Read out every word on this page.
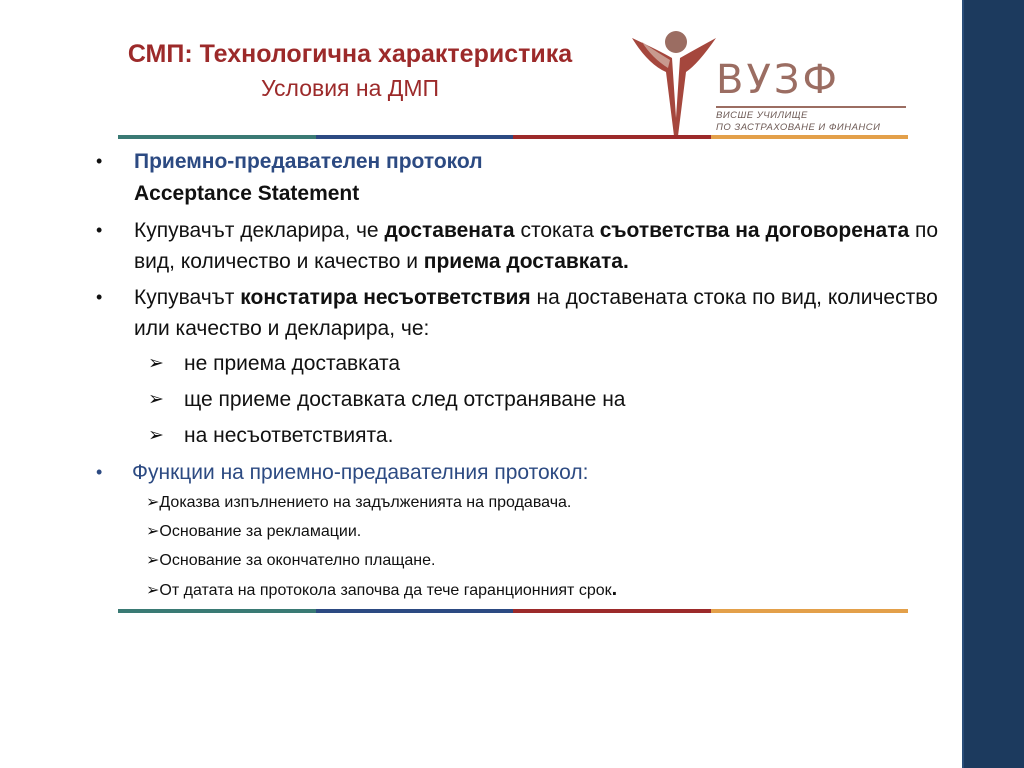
СМП: Технологична характеристика
Условия на ДМП	ВУЗФ
ВИСШЕ УЧИЛИЩЕ
ПО ЗАСТРАХОВАНЕ И ФИНАНСИ
• Приемно-предавателен протокол
Acceptance Statement
• Купувачът декларира, че доставената стоката съответства на договорената по вид, количество и качество и приема доставката.
• Купувачът констатира несъответствия на доставената стока по вид, количество или качество и декларира, че:
➢ не приема доставката
➢ ще приеме доставката след отстраняване на
➢ на несъответствията.
• Функции на приемно-предавателния протокол:
➢Доказва изпълнението на задълженията на продавача.
➢Основание за рекламации.
➢Основание за окончателно плащане.
➢От датата на протокола започва да тече гаранционният срок.
